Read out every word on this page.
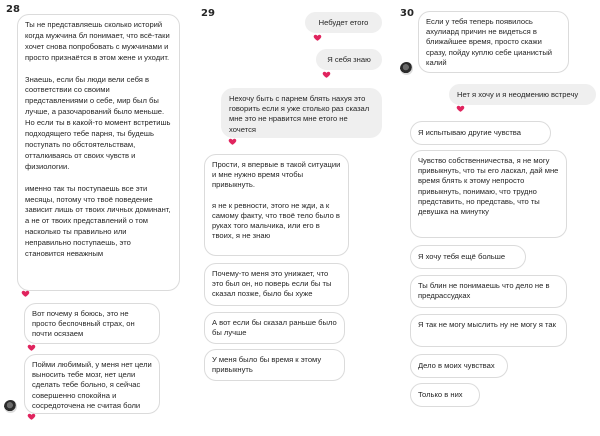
28
Ты не представляешь сколько историй когда мужчина бл понимает, что всё-таки хочет снова попробовать с мужчинами и просто признаётся в этом жене и уходит.

Знаешь, если бы люди вели себя в соответствии со своими представлениями о себе, мир был бы лучше, а разочарований было меньше. Но если ты в какой-то момент встретишь подходящего тебе парня, ты будешь поступать по обстоятельствам, отталкиваясь от своих чувств и физиологии.

именно так ты поступаешь все эти месяцы, потому что твоё поведение зависит лишь от твоих личных доминант, а не от твоих представлений о том насколько ты правильно или неправильно поступаешь, это становится неважным
Вот почему я боюсь, это не просто беспочвный страх, он почти осязаем
Пойми любимый, у меня нет цели выносить тебе мозг, нет цели сделать тебе больно, я сейчас совершенно спокойна и сосредоточена не считая боли
29
Небудет етого
Я себя знаю
Нехочу быть с парнем блять нахуя это говорить если я уже столько раз сказал мне это не нравится мне етого не хочется
Прости, я впервые в такой ситуации и мне нужно время чтобы привыкнуть.

я не к ревности, этого не жди, а к самому факту, что твоё тело было в руках того мальчика, или его в твоих, я не знаю
Почему-то меня это унижает, что это был он, но поверь если бы ты сказал позже, было бы хуже
А вот если бы сказал раньше было бы лучше
У меня было бы время к этому привыкнуть
30
Если у тебя теперь появилось ахулиард причин не видеться в ближайшее время, просто скажи сразу, пойду куплю себе цианистый калий
Нет я хочу и я неодмению встречу
Я испытываю другие чувства
Чувство собственничества, я не могу привыкнуть, что ты его ласкал, дай мне время блять к этому непросто привыкнуть, понимаю, что трудно представить, но представь, что ты девушка на минутку
Я хочу тебя ещё больше
Ты блин не понимаешь что дело не в предрассудках
Я так не могу мыслить ну не могу я так
Дело в моих чувствах
Только в них
